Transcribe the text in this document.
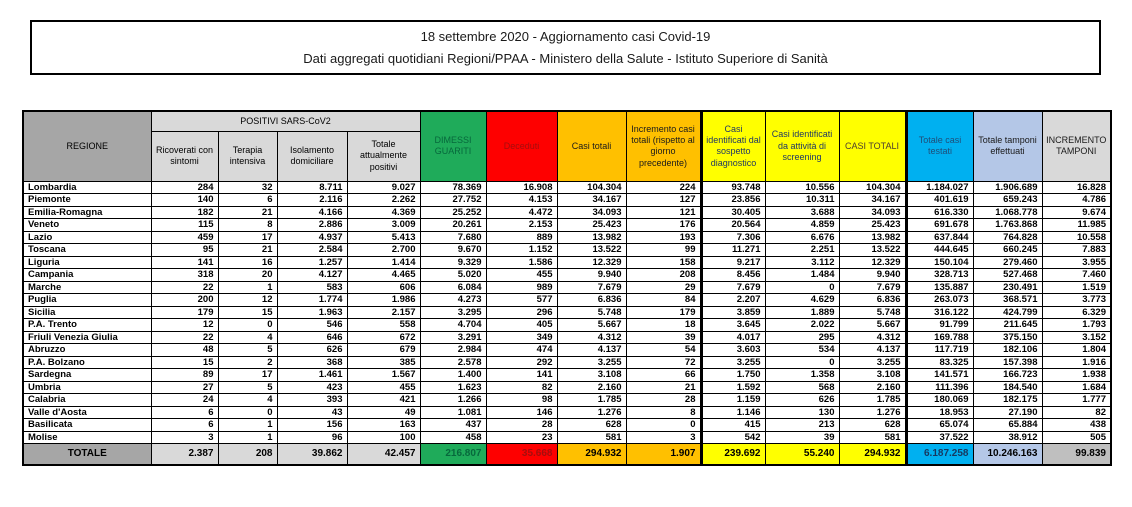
18 settembre 2020 - Aggiornamento casi Covid-19
Dati aggregati quotidiani Regioni/PPAA - Ministero della Salute - Istituto Superiore di Sanità
REGIONE	POSITIVI SARS-CoV2				DIMESSI GUARITI	Deceduti	Casi totali	Incremento casi totali (rispetto al giorno precedente)	Casi identificati dal sospetto diagnostico	Casi identificati da attività di screening	CASI TOTALI	Totale casi testati	Totale tamponi effettuati	INCREMENTO TAMPONI
	Ricoverati con sintomi	Terapia intensiva	Isolamento domiciliare	Totale attualmente positivi										
Lombardia	284	32	8.711	9.027	78.369	16.908	104.304	224	93.748	10.556	104.304	1.184.027	1.906.689	16.828
Piemonte	140	6	2.116	2.262	27.752	4.153	34.167	127	23.856	10.311	34.167	401.619	659.243	4.786
Emilia-Romagna	182	21	4.166	4.369	25.252	4.472	34.093	121	30.405	3.688	34.093	616.330	1.068.778	9.674
Veneto	115	8	2.886	3.009	20.261	2.153	25.423	176	20.564	4.859	25.423	691.678	1.763.868	11.985
Lazio	459	17	4.937	5.413	7.680	889	13.982	193	7.306	6.676	13.982	637.844	764.828	10.558
Toscana	95	21	2.584	2.700	9.670	1.152	13.522	99	11.271	2.251	13.522	444.645	660.245	7.883
Liguria	141	16	1.257	1.414	9.329	1.586	12.329	158	9.217	3.112	12.329	150.104	279.460	3.955
Campania	318	20	4.127	4.465	5.020	455	9.940	208	8.456	1.484	9.940	328.713	527.468	7.460
Marche	22	1	583	606	6.084	989	7.679	29	7.679	0	7.679	135.887	230.491	1.519
Puglia	200	12	1.774	1.986	4.273	577	6.836	84	2.207	4.629	6.836	263.073	368.571	3.773
Sicilia	179	15	1.963	2.157	3.295	296	5.748	179	3.859	1.889	5.748	316.122	424.799	6.329
P.A. Trento	12	0	546	558	4.704	405	5.667	18	3.645	2.022	5.667	91.799	211.645	1.793
Friuli Venezia Giulia	22	4	646	672	3.291	349	4.312	39	4.017	295	4.312	169.788	375.150	3.152
Abruzzo	48	5	626	679	2.984	474	4.137	54	3.603	534	4.137	117.719	182.106	1.804
P.A. Bolzano	15	2	368	385	2.578	292	3.255	72	3.255	0	3.255	83.325	157.398	1.916
Sardegna	89	17	1.461	1.567	1.400	141	3.108	66	1.750	1.358	3.108	141.571	166.723	1.938
Umbria	27	5	423	455	1.623	82	2.160	21	1.592	568	2.160	111.396	184.540	1.684
Calabria	24	4	393	421	1.266	98	1.785	28	1.159	626	1.785	180.069	182.175	1.777
Valle d'Aosta	6	0	43	49	1.081	146	1.276	8	1.146	130	1.276	18.953	27.190	82
Basilicata	6	1	156	163	437	28	628	0	415	213	628	65.074	65.884	438
Molise	3	1	96	100	458	23	581	3	542	39	581	37.522	38.912	505
TOTALE	2.387	208	39.862	42.457	216.807	35.668	294.932	1.907	239.692	55.240	294.932	6.187.258	10.246.163	99.839
